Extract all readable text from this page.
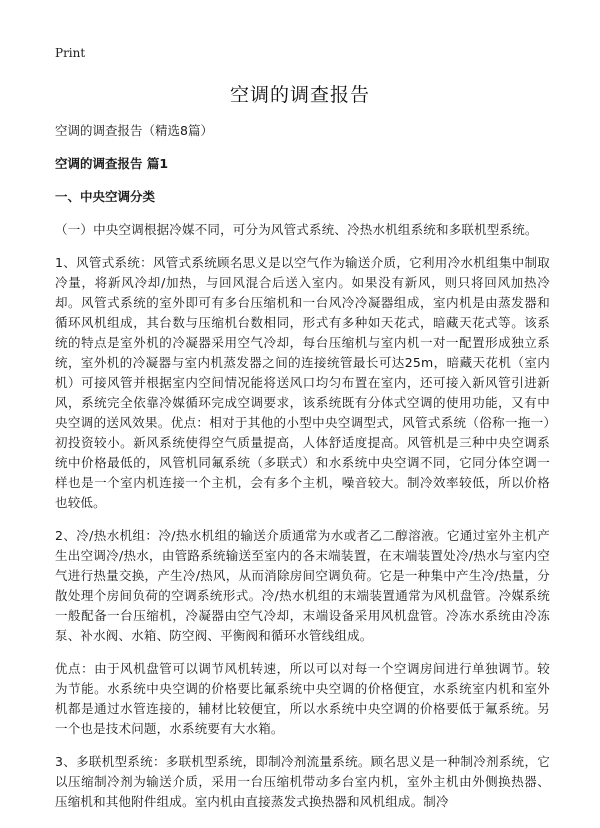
Print
空调的调查报告

空调的调查报告（精选8篇）

空调的调查报告 篇1

一、中央空调分类

（一）中央空调根据冷媒不同，可分为风管式系统、冷热水机组系统和多联机型系统。

1、风管式系统：风管式系统顾名思义是以空气作为输送介质，它利用冷水机组集中制取冷量，将新风冷却/加热，与回风混合后送入室内。如果没有新风，则只将回风加热冷却。风管式系统的室外即可有多台压缩机和一台风冷冷凝器组成，室内机是由蒸发器和循环风机组成，其台数与压缩机台数相同，形式有多种如天花式，暗藏天花式等。该系统的特点是室外机的冷凝器采用空气冷却，每台压缩机与室内机一对一配置形成独立系统，室外机的冷凝器与室内机蒸发器之间的连接统管最长可达25m，暗藏天花机（室内机）可接风管并根据室内空间情况能将送风口均匀布置在室内，还可接入新风管引进新风，系统完全依靠冷媒循环完成空调要求，该系统既有分体式空调的使用功能，又有中央空调的送风效果。优点：相对于其他的小型中央空调型式，风管式系统（俗称一拖一）初投资较小。新风系统使得空气质量提高，人体舒适度提高。风管机是三种中央空调系统中价格最低的，风管机同氟系统（多联式）和水系统中央空调不同，它同分体空调一样也是一个室内机连接一个主机，会有多个主机，噪音较大。制冷效率较低，所以价格也较低。

2、冷/热水机组：冷/热水机组的输送介质通常为水或者乙二醇溶液。它通过室外主机产生出空调冷/热水，由管路系统输送至室内的各末端装置，在末端装置处冷/热水与室内空气进行热量交换，产生冷/热风，从而消除房间空调负荷。它是一种集中产生冷/热量，分散处理个房间负荷的空调系统形式。冷/热水机组的末端装置通常为风机盘管。冷媒系统一般配备一台压缩机，冷凝器由空气冷却，末端设备采用风机盘管。冷冻水系统由冷冻泵、补水阀、水箱、防空阀、平衡阀和循环水管线组成。

优点：由于风机盘管可以调节风机转速，所以可以对每一个空调房间进行单独调节。较为节能。水系统中央空调的价格要比氟系统中央空调的价格便宜，水系统室内机和室外机都是通过水管连接的，辅材比较便宜，所以水系统中央空调的价格要低于氟系统。另一个也是技术问题，水系统要有大水箱。

3、多联机型系统：多联机型系统，即制冷剂流量系统。顾名思义是一种制冷剂系统，它以压缩制冷剂为输送介质，采用一台压缩机带动多台室内机，室外主机由外侧换热器、压缩机和其他附件组成。室内机由直接蒸发式换热器和风机组成。制冷
